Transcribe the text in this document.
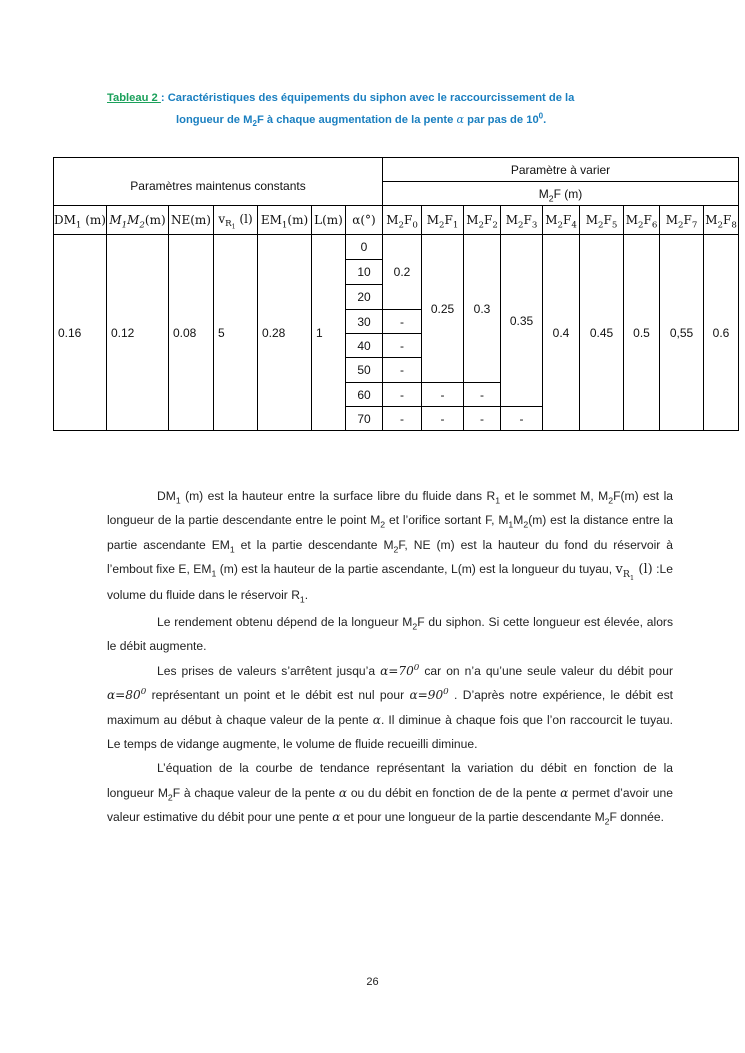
Tableau 2 : Caractéristiques des équipements du siphon avec le raccourcissement de la
longueur de $M_2F$ à chaque augmentation de la pente α par pas de $10^0$.
Paramètres maintenus constants							Paramètre à varier								
							$M_2F$ (m)								
$DM_1$ (m)	$M_1M_2(m)$	NE(m)	$v_{R_1}$ (l)	$EM_1(m)$	L(m)	α(°)	$M_2F_0$	$M_2F_1$	$M_2F_2$	$M_2F_3$	$M_2F_4$	$M_2F_5$	$M_2F_6$	$M_2F_7$	$M_2F_8$
0.16	0.12	0.08	5	0.28	1	0	0.2	0.25	0.3	0.35	0.4	0.45	0.5	0,55	0.6
						10									
						20									
						30	-								
						40	-								
						50	-								
						60	-	-	-						
						70	-	-	-	-					

$DM_1$ (m) est la hauteur entre la surface libre du fluide dans $R_1$ et le sommet M, $M_2F(m)$ est la longueur de la partie descendante entre le point $M_2$ et l’orifice sortant F, $M_1M_2(m)$ est la distance entre la partie ascendante $EM_1$ et la partie descendante $M_2F$, NE (m) est la hauteur du fond du réservoir à l’embout fixe E, $EM_1$ (m) est la hauteur de la partie ascendante, L(m) est la longueur du tuyau, $v_{R_1}$ (l) :Le volume du fluide dans le réservoir $R_1$.

Le rendement obtenu dépend de la longueur $M_2F$ du siphon. Si cette longueur est élevée, alors le débit augmente.

Les prises de valeurs s’arrêtent jusqu’a $\alpha=70^0$ car on n’a qu’une seule valeur du débit pour $\alpha=80^0$ représentant un point et le débit est nul pour $\alpha=90^0$ . D’après notre expérience, le débit est maximum au début à chaque valeur de la pente α. Il diminue à chaque fois que l’on raccourcit le tuyau. Le temps de vidange augmente, le volume de fluide recueilli diminue.

L’équation de la courbe de tendance représentant la variation du débit en fonction de la longueur $M_2F$ à chaque valeur de la pente α ou du débit en fonction de de la pente α permet d’avoir une valeur estimative du débit pour une pente α et pour une longueur de la partie descendante $M_2F$ donnée.

26
